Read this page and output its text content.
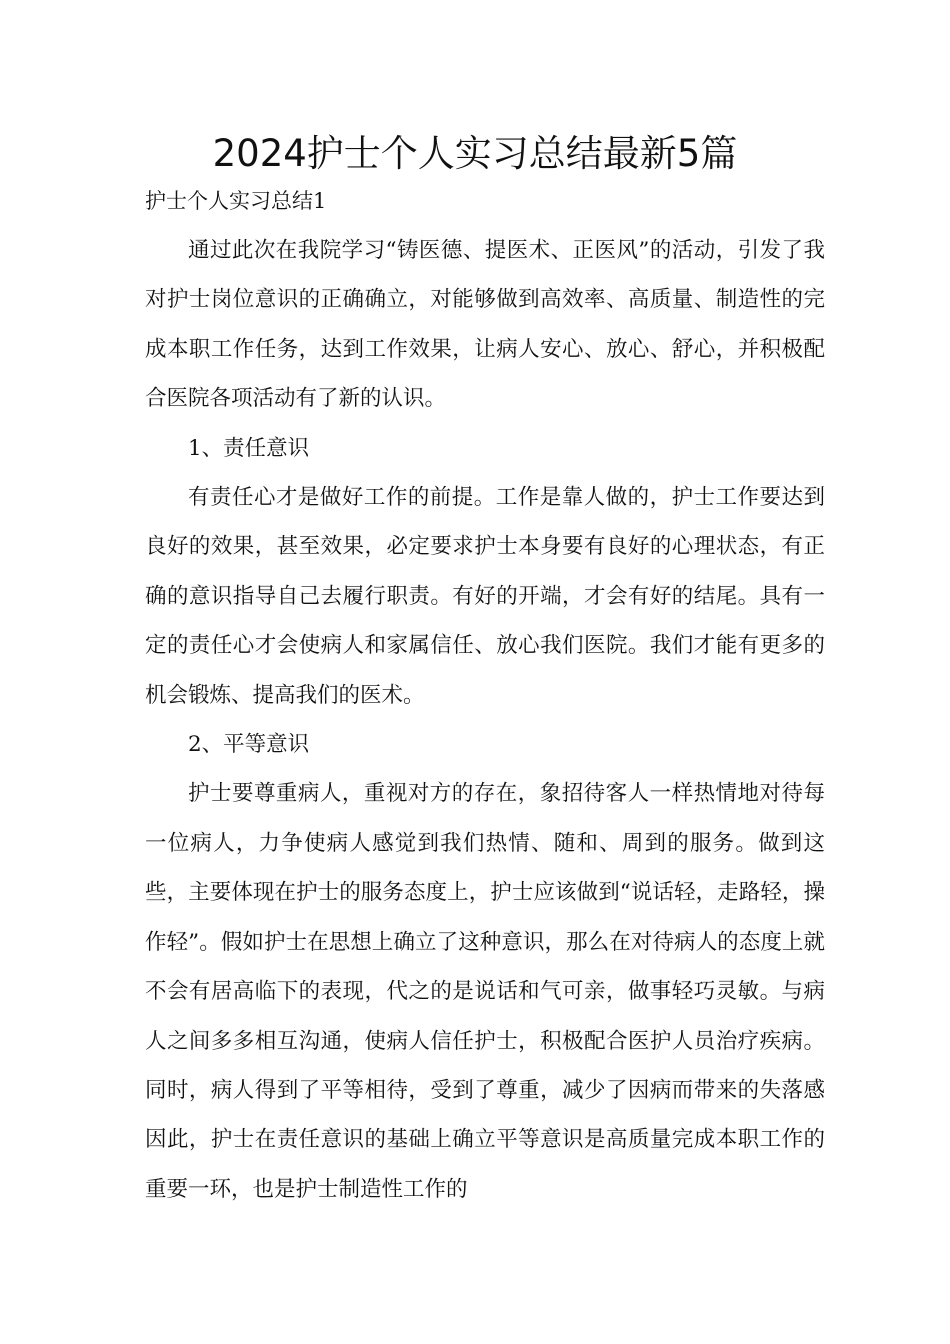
2024护士个人实习总结最新5篇
护士个人实习总结1

通过此次在我院学习“铸医德、提医术、正医风”的活动，引发了我对护士岗位意识的正确确立，对能够做到高效率、高质量、制造性的完成本职工作任务，达到工作效果，让病人安心、放心、舒心，并积极配合医院各项活动有了新的认识。

1、责任意识

有责任心才是做好工作的前提。工作是靠人做的，护士工作要达到良好的效果，甚至效果，必定要求护士本身要有良好的心理状态，有正确的意识指导自己去履行职责。有好的开端，才会有好的结尾。具有一定的责任心才会使病人和家属信任、放心我们医院。我们才能有更多的机会锻炼、提高我们的医术。

2、平等意识

护士要尊重病人，重视对方的存在，象招待客人一样热情地对待每一位病人，力争使病人感觉到我们热情、随和、周到的服务。做到这些，主要体现在护士的服务态度上，护士应该做到“说话轻，走路轻，操作轻”。假如护士在思想上确立了这种意识，那么在对待病人的态度上就不会有居高临下的表现，代之的是说话和气可亲，做事轻巧灵敏。与病人之间多多相互沟通，使病人信任护士，积极配合医护人员治疗疾病。同时，病人得到了平等相待，受到了尊重，减少了因病而带来的失落感因此，护士在责任意识的基础上确立平等意识是高质量完成本职工作的重要一环，也是护士制造性工作的
